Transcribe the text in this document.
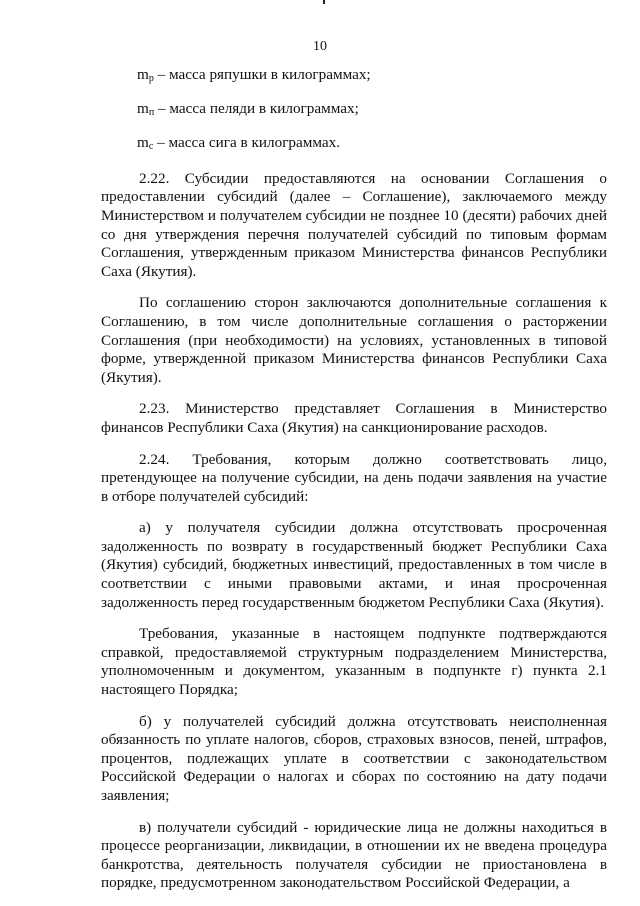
10
$m_р$ – масса ряпушки в килограммах;
$m_п$ – масса пеляди в килограммах;
$m_с$ – масса сига в килограммах.

2.22. Субсидии предоставляются на основании Соглашения о предоставлении субсидий (далее – Соглашение), заключаемого между Министерством и получателем субсидии не позднее 10 (десяти) рабочих дней со дня утверждения перечня получателей субсидий по типовым формам Соглашения, утвержденным приказом Министерства финансов Республики Саха (Якутия).

По соглашению сторон заключаются дополнительные соглашения к Соглашению, в том числе дополнительные соглашения о расторжении Соглашения (при необходимости) на условиях, установленных в типовой форме, утвержденной приказом Министерства финансов Республики Саха (Якутия).

2.23. Министерство представляет Соглашения в Министерство финансов Республики Саха (Якутия) на санкционирование расходов.

2.24. Требования, которым должно соответствовать лицо, претендующее на получение субсидии, на день подачи заявления на участие в отборе получателей субсидий:

а) у получателя субсидии должна отсутствовать просроченная задолженность по возврату в государственный бюджет Республики Саха (Якутия) субсидий, бюджетных инвестиций, предоставленных в том числе в соответствии с иными правовыми актами, и иная просроченная задолженность перед государственным бюджетом Республики Саха (Якутия).

Требования, указанные в настоящем подпункте подтверждаются справкой, предоставляемой структурным подразделением Министерства, уполномоченным и документом, указанным в подпункте г) пункта 2.1 настоящего Порядка;

б) у получателей субсидий должна отсутствовать неисполненная обязанность по уплате налогов, сборов, страховых взносов, пеней, штрафов, процентов, подлежащих уплате в соответствии с законодательством Российской Федерации о налогах и сборах по состоянию на дату подачи заявления;

в) получатели субсидий - юридические лица не должны находиться в процессе реорганизации, ликвидации, в отношении их не введена процедура банкротства, деятельность получателя субсидии не приостановлена в порядке, предусмотренном законодательством Российской Федерации, а
